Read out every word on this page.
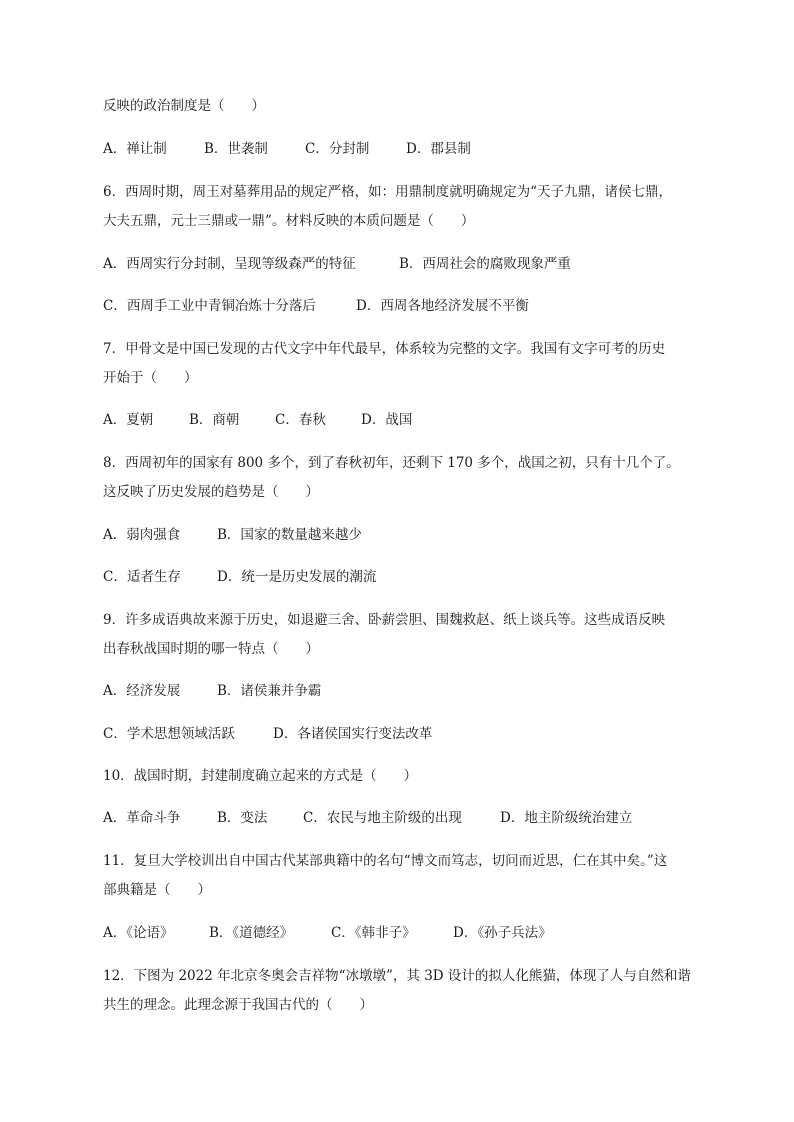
反映的政治制度是（　　）
A．禅让制	B．世袭制	C．分封制	D．郡县制
6．西周时期，周王对墓葬用品的规定严格，如：用鼎制度就明确规定为“天子九鼎，诸侯七鼎，
大夫五鼎，元士三鼎或一鼎”。材料反映的本质问题是（　　）
A．西周实行分封制，呈现等级森严的特征	B．西周社会的腐败现象严重
C．西周手工业中青铜冶炼十分落后	D．西周各地经济发展不平衡
7．甲骨文是中国已发现的古代文字中年代最早，体系较为完整的文字。我国有文字可考的历史
开始于（　　）
A．夏朝	B．商朝	C．春秋	D．战国
8．西周初年的国家有 800 多个，到了春秋初年，还剩下 170 多个，战国之初，只有十几个了。
这反映了历史发展的趋势是（　　）
A．弱肉强食	B．国家的数量越来越少
C．适者生存	D．统一是历史发展的潮流
9．许多成语典故来源于历史，如退避三舍、卧薪尝胆、围魏救赵、纸上谈兵等。这些成语反映
出春秋战国时期的哪一特点（　　）
A．经济发展	B．诸侯兼并争霸
C．学术思想领域活跃	D．各诸侯国实行变法改革
10．战国时期，封建制度确立起来的方式是（　　）
A．革命斗争	B．变法	C．农民与地主阶级的出现	D．地主阶级统治建立
11．复旦大学校训出自中国古代某部典籍中的名句“博文而笃志，切问而近思，仁在其中矣。”这
部典籍是（　　）
A．《论语》	B．《道德经》	C．《韩非子》	D．《孙子兵法》
12．下图为 2022 年北京冬奥会吉祥物“冰墩墩”，其 3D 设计的拟人化熊猫，体现了人与自然和谐
共生的理念。此理念源于我国古代的（　　）
